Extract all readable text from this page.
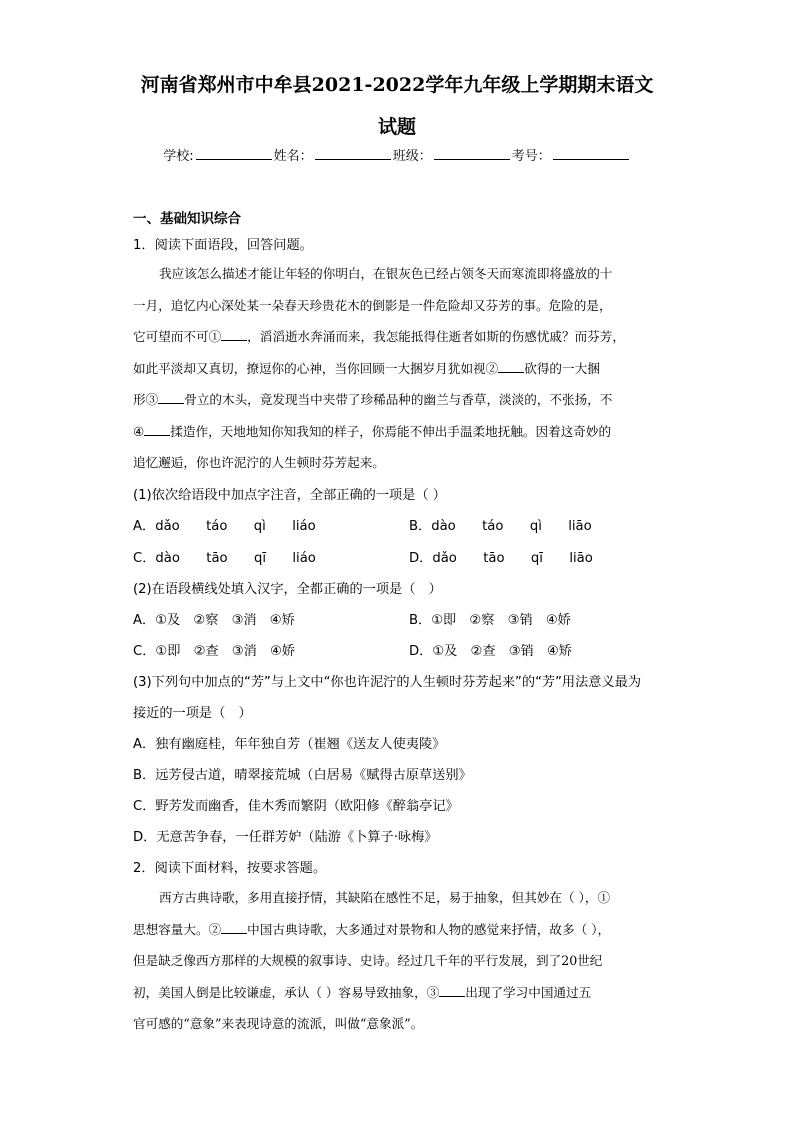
河南省郑州市中牟县2021-2022学年九年级上学期期末语文
试题
学校:	姓名：	班级：	考号：
一、基础知识综合
1．阅读下面语段，回答问题。
我应该怎么描述才能让年轻的你明白，在银灰色已经占领冬天而寒流即将盛放的十
一月，追忆内心深处某一朵春天珍贵花木的倒影是一件危险却又芬芳的事。危险的是，
它可望而不可① ，滔滔逝水奔涌而来，我怎能抵得住逝者如斯的伤感忧戚？而芬芳，
如此平淡却又真切，撩逗你的心神，当你回顾一大捆岁月犹如视② 砍得的一大捆
形③ 骨立的木头，竟发现当中夹带了珍稀品种的幽兰与香草，淡淡的，不张扬，不
④ 揉造作，天地地知你知我知的样子，你焉能不伸出手温柔地抚触。因着这奇妙的
追忆邂逅，你也许泥泞的人生顿时芬芳起来。
(1)依次给语段中加点字注音，全部正确的一项是（ ）
A．dǎo　　táo　　qì　　liáo	B．dào　　táo　　qì　　liāo
C．dào　　tāo　　qī　　liáo	D．dǎo　　tāo　　qī　　liāo
(2)在语段横线处填入汉字，全都正确的一项是（　）
A．①及　②察　③消　④矫	B．①即　②察　③销　④娇
C．①即　②查　③消　④娇	D．①及　②查　③销　④矫
(3)下列句中加点的“芳”与上文中“你也许泥泞的人生顿时芬芳起来”的“芳”用法意义最为
接近的一项是（　）
A．独有幽庭桂，年年独自芳（崔翘《送友人使夷陵》
B．远芳侵古道，晴翠接荒城（白居易《赋得古原草送别》
C．野芳发而幽香，佳木秀而繁阴（欧阳修《醉翁亭记》
D．无意苦争春，一任群芳妒（陆游《卜算子·咏梅》
2．阅读下面材料，按要求答题。
西方古典诗歌，多用直接抒情，其缺陷在感性不足，易于抽象，但其妙在（ ），①
思想容量大。② 中国古典诗歌，大多通过对景物和人物的感觉来抒情，故多（ ），
但是缺乏像西方那样的大规模的叙事诗、史诗。经过几千年的平行发展，到了20世纪
初，美国人倒是比较谦虚，承认（ ）容易导致抽象，③ 出现了学习中国通过五
官可感的“意象”来表现诗意的流派，叫做“意象派”。
